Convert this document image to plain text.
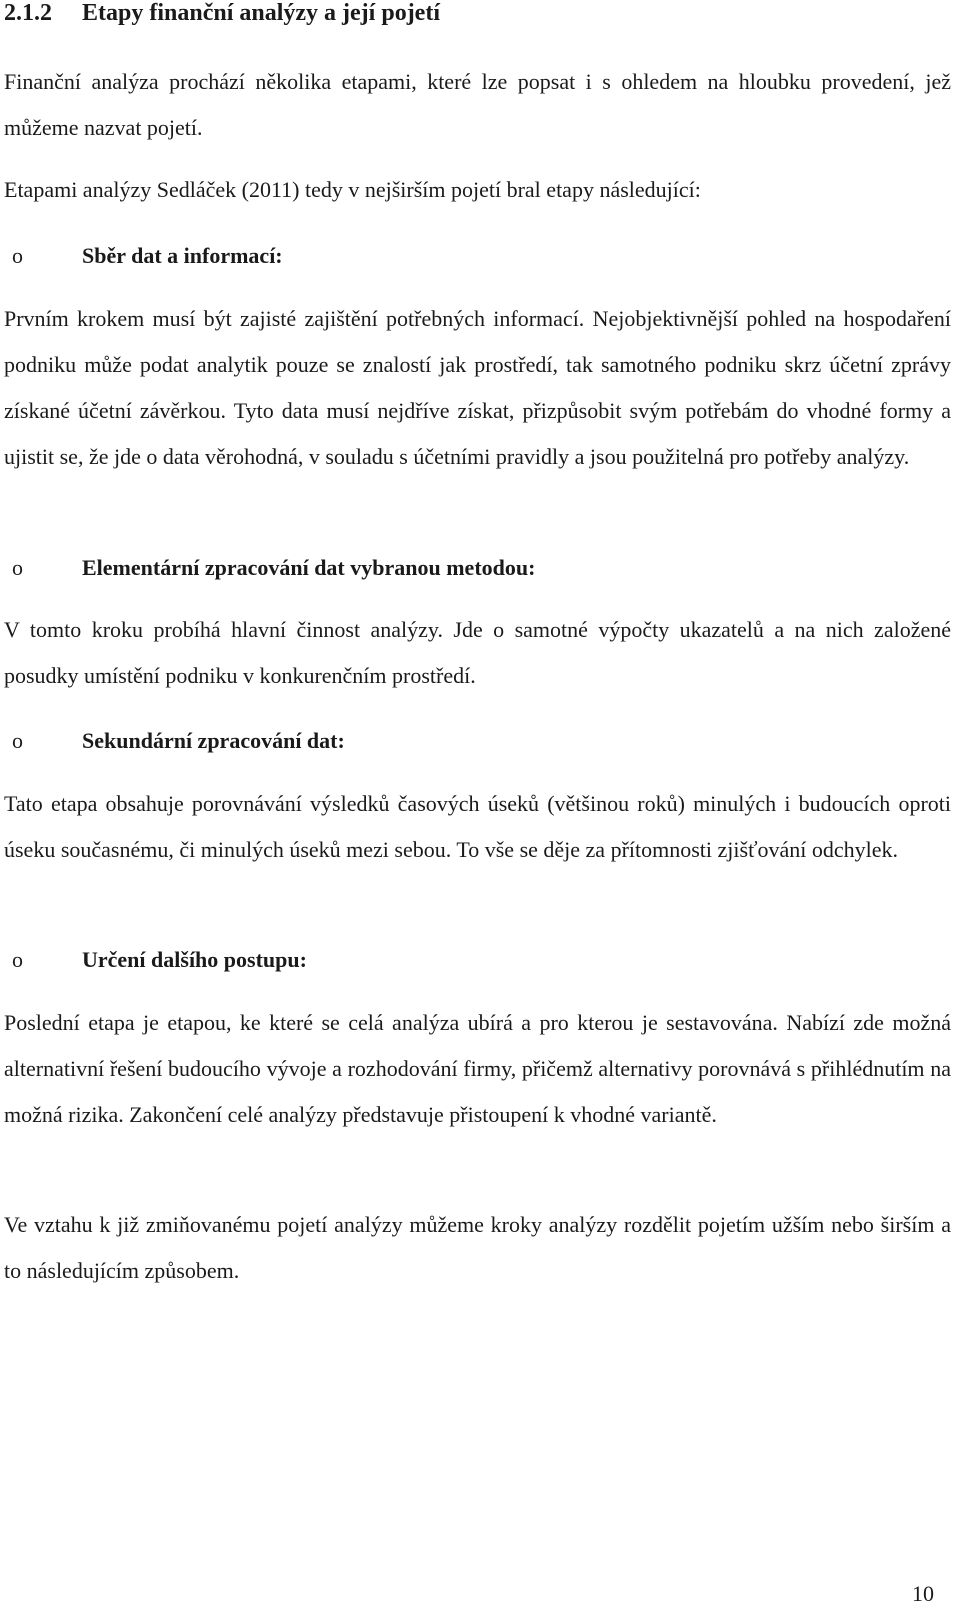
2.1.2 Etapy finanční analýzy a její pojetí

Finanční analýza prochází několika etapami, které lze popsat i s ohledem na hloubku provedení, jež můžeme nazvat pojetí.

Etapami analýzy Sedláček (2011) tedy v nejširším pojetí bral etapy následující:

o	Sběr dat a informací:

Prvním krokem musí být zajisté zajištění potřebných informací. Nejobjektivnější pohled na hospodaření podniku může podat analytik pouze se znalostí jak prostředí, tak samotného podniku skrz účetní zprávy získané účetní závěrkou. Tyto data musí nejdříve získat, přizpůsobit svým potřebám do vhodné formy a ujistit se, že jde o data věrohodná, v souladu s účetními pravidly a jsou použitelná pro potřeby analýzy.

o	Elementární zpracování dat vybranou metodou:

V tomto kroku probíhá hlavní činnost analýzy. Jde o samotné výpočty ukazatelů a na nich založené posudky umístění podniku v konkurenčním prostředí.

o	Sekundární zpracování dat:

Tato etapa obsahuje porovnávání výsledků časových úseků (většinou roků) minulých i budoucích oproti úseku současnému, či minulých úseků mezi sebou. To vše se děje za přítomnosti zjišťování odchylek.

o	Určení dalšího postupu:

Poslední etapa je etapou, ke které se celá analýza ubírá a pro kterou je sestavována. Nabízí zde možná alternativní řešení budoucího vývoje a rozhodování firmy, přičemž alternativy porovnává s přihlédnutím na možná rizika. Zakončení celé analýzy představuje přistoupení k vhodné variantě.

Ve vztahu k již zmiňovanému pojetí analýzy můžeme kroky analýzy rozdělit pojetím užším nebo širším a to následujícím způsobem.

10
